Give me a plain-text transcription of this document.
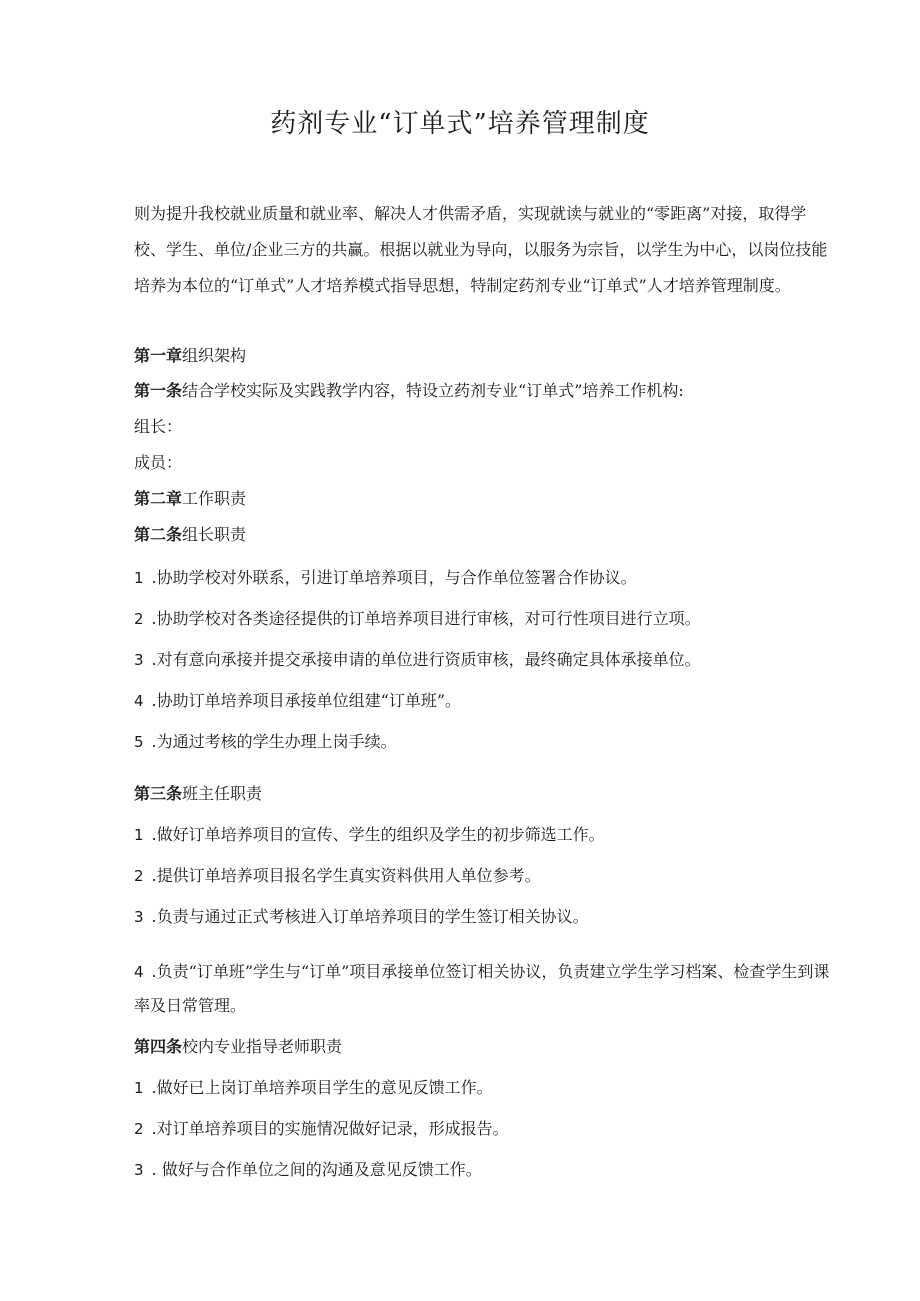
药剂专业“订单式”培养管理制度
则为提升我校就业质量和就业率、解决人才供需矛盾，实现就读与就业的“零距离”对接，取得学校、学生、单位/企业三方的共赢。根据以就业为导向，以服务为宗旨，以学生为中心，以岗位技能培养为本位的“订单式”人才培养模式指导思想，特制定药剂专业“订单式”人才培养管理制度。
第一章组织架构
第一条结合学校实际及实践教学内容，特设立药剂专业“订单式”培养工作机构:
组长：
成员：
第二章工作职责
第二条组长职责
1 .协助学校对外联系，引进订单培养项目，与合作单位签署合作协议。
2 .协助学校对各类途径提供的订单培养项目进行审核，对可行性项目进行立项。
3 .对有意向承接并提交承接申请的单位进行资质审核，最终确定具体承接单位。
4 .协助订单培养项目承接单位组建“订单班”。
5 .为通过考核的学生办理上岗手续。
第三条班主任职责
1 .做好订单培养项目的宣传、学生的组织及学生的初步筛选工作。
2 .提供订单培养项目报名学生真实资料供用人单位参考。
3 .负责与通过正式考核进入订单培养项目的学生签订相关协议。
4 .负责“订单班”学生与“订单”项目承接单位签订相关协议，负责建立学生学习档案、检查学生到课率及日常管理。
第四条校内专业指导老师职责
1 .做好已上岗订单培养项目学生的意见反馈工作。
2 .对订单培养项目的实施情况做好记录，形成报告。
3 . 做好与合作单位之间的沟通及意见反馈工作。
